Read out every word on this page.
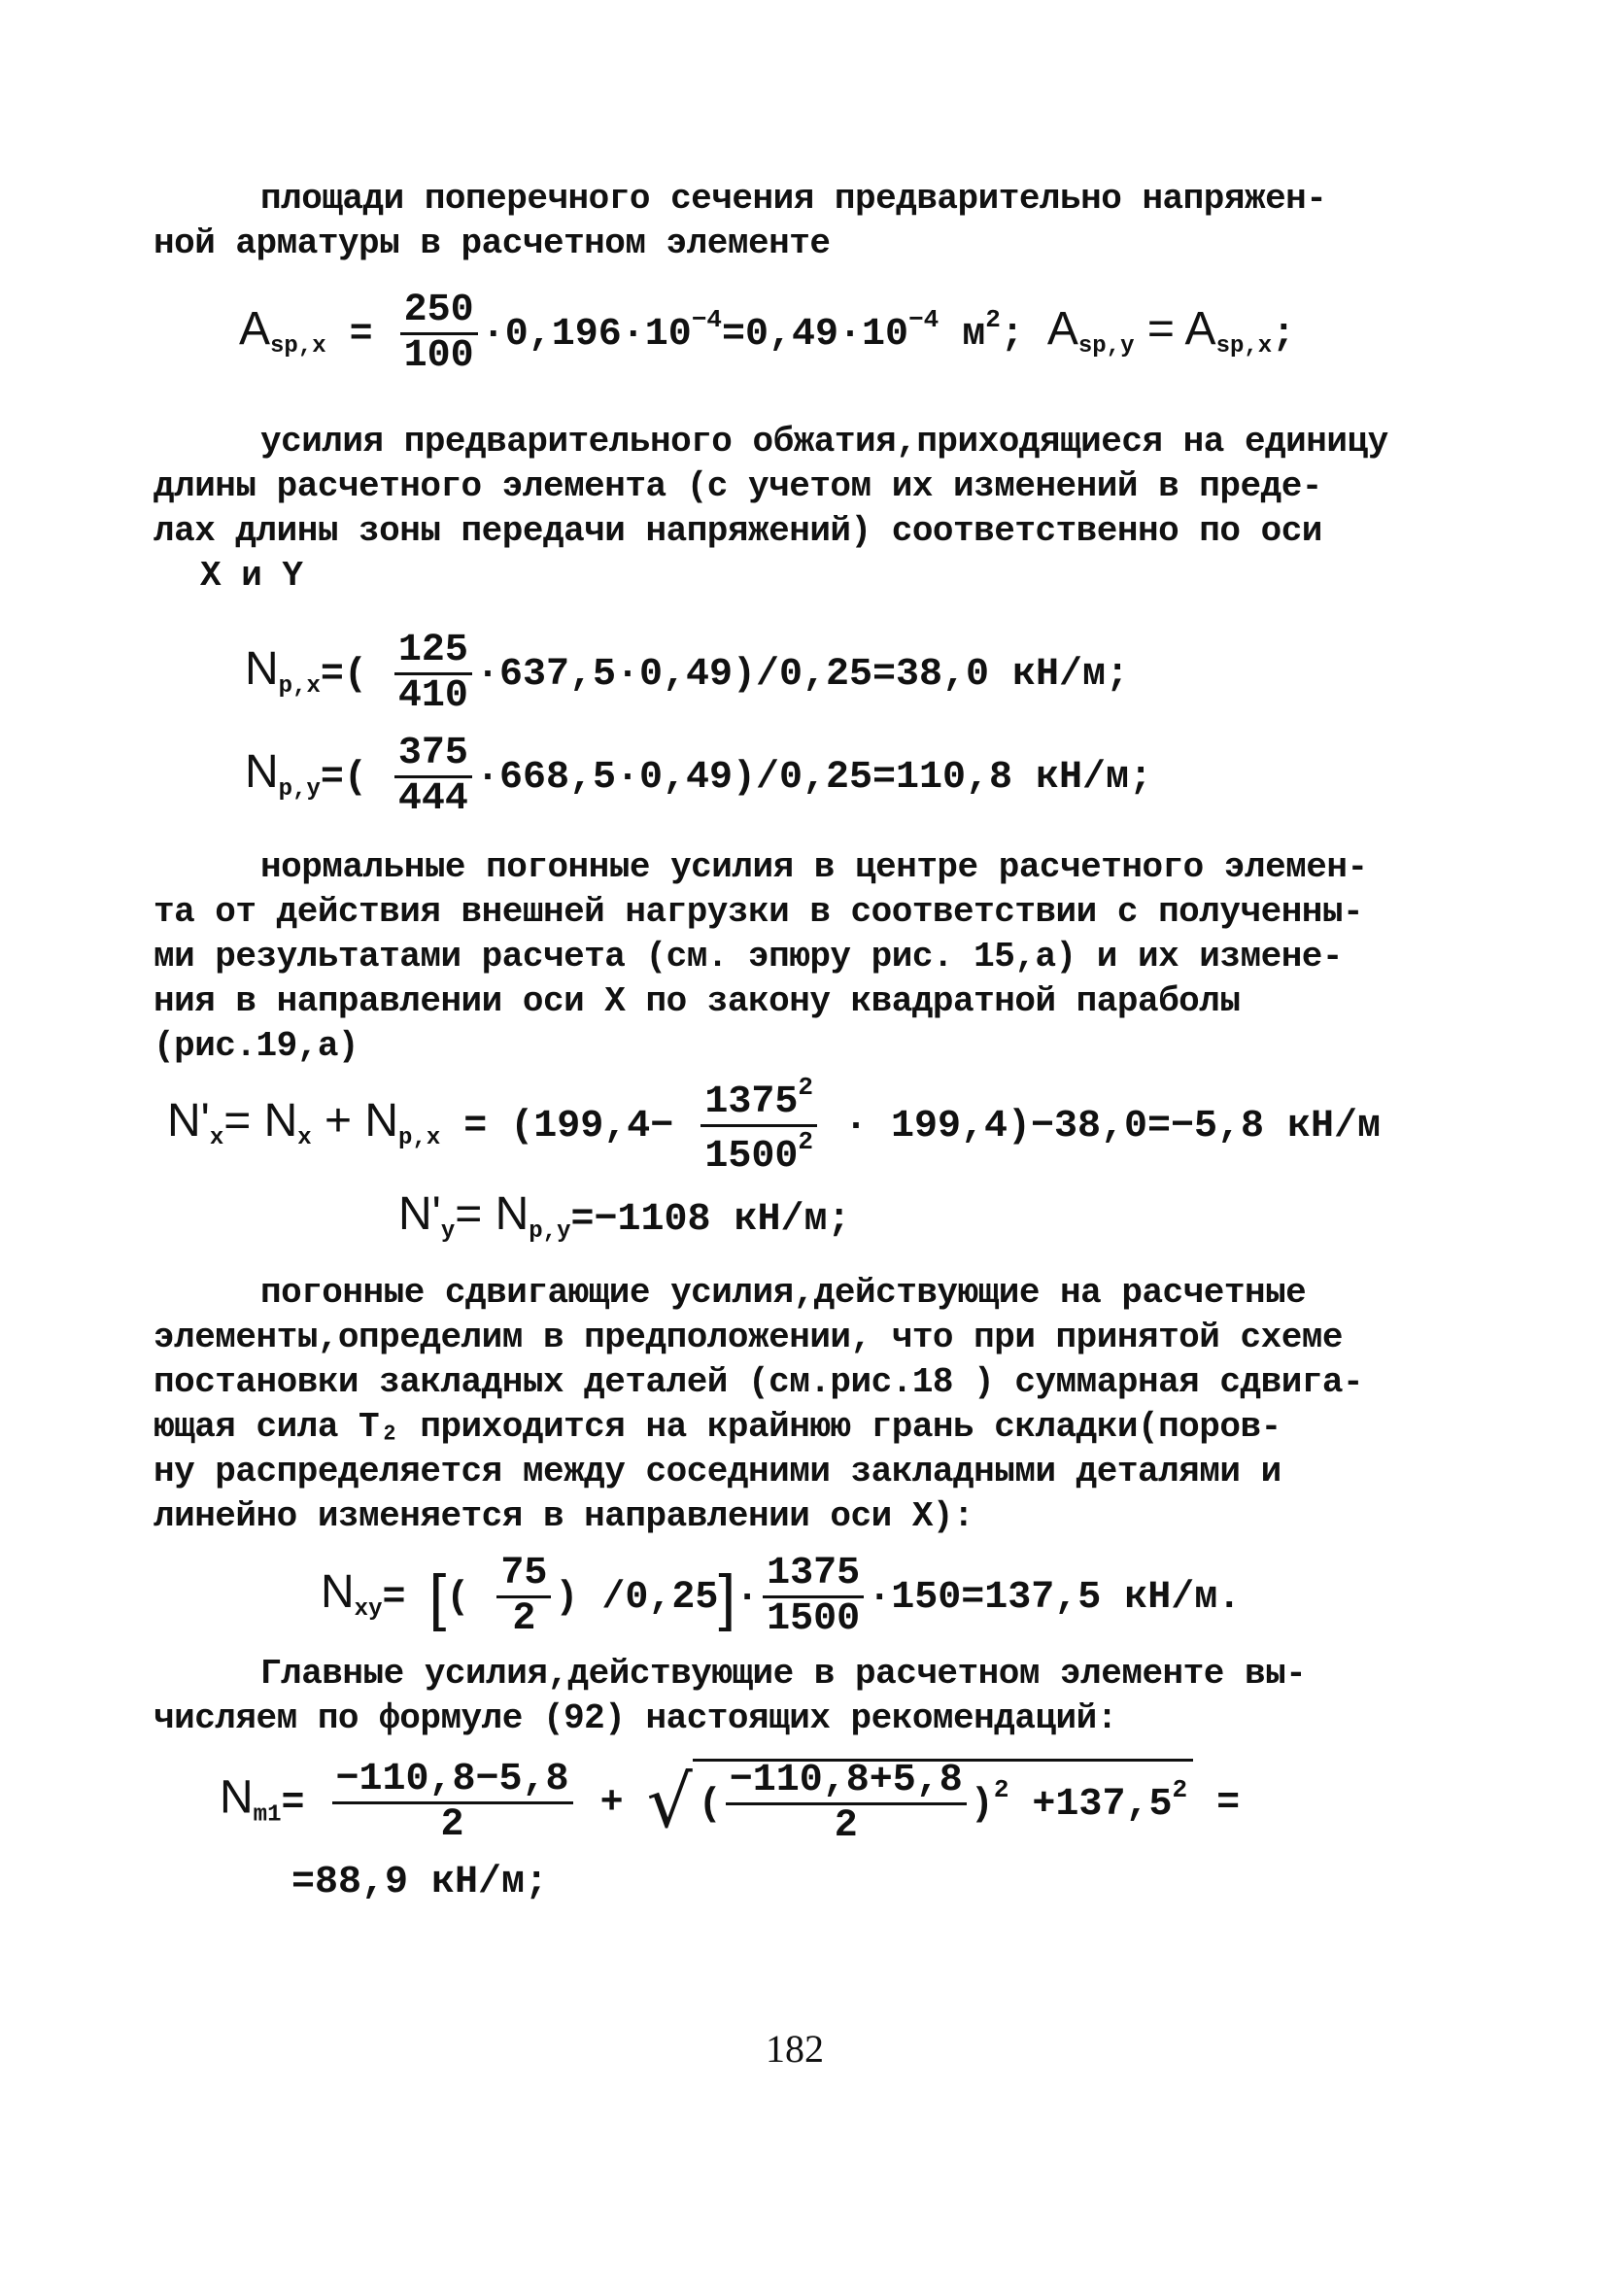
площади поперечного сечения предварительно напряжен-
ной арматуры в расчетном элементе
$A_{sp,x} = \frac{250}{100} \cdot 0,196\cdot 10^{-4}=0,49\cdot 10^{-4}$ $м^2$; $A_{sp,y} = A_{sp,x}$;
усилия предварительного обжатия,приходящиеся на единицу
длины расчетного элемента (с учетом их изменений в преде-
лах длины зоны передачи напряжений) соответственно по оси
X и Y
$N_{p,x}=( \frac{125}{410} \cdot 637,5\cdot 0,49)/0,25=38,0$ кН/м;
$N_{p,y}=( \frac{375}{444} \cdot 668,5\cdot 0,49)/0,25=110,8$ кН/м;
нормальные погонные усилия в центре расчетного элемен-
та от действия внешней нагрузки в соответствии с полученны-
ми результатами расчета (см. эпюру рис. 15,а) и их измене-
ния в направлении оси X по закону квадратной параболы
(рис.19,а)
$N'_x= N_x + N_{p,x} = (199,4- \frac{1375^2}{1500^2} \cdot 199,4)-38,0=-5,8$ кН/м
$N'_y= N_{p,y}=-1108$ кН/м;
погонные сдвигающие усилия,действующие на расчетные
элементы,определим в предположении, что при принятой схеме
постановки закладных деталей (см.рис.18 ) суммарная сдвига-
ющая сила T₂ приходится на крайнюю грань складки(поров-
ну распределяется между соседними закладными деталями и
линейно изменяется в направлении оси X):
$N_{xy}=$ [( $\frac{75}{2}$ ) $/0,25]\cdot \frac{1375}{1500} \cdot 150=137,5$ кН/м.
Главные усилия,действующие в расчетном элементе вы-
числяем по формуле (92) настоящих рекомендаций:
$N_{m1}= \frac{-110,8-5,8}{2}$ + √ ( $\frac{-110,8+5,8}{2} )^2 +137,5^2$ =
=88,9 кН/м;
182
